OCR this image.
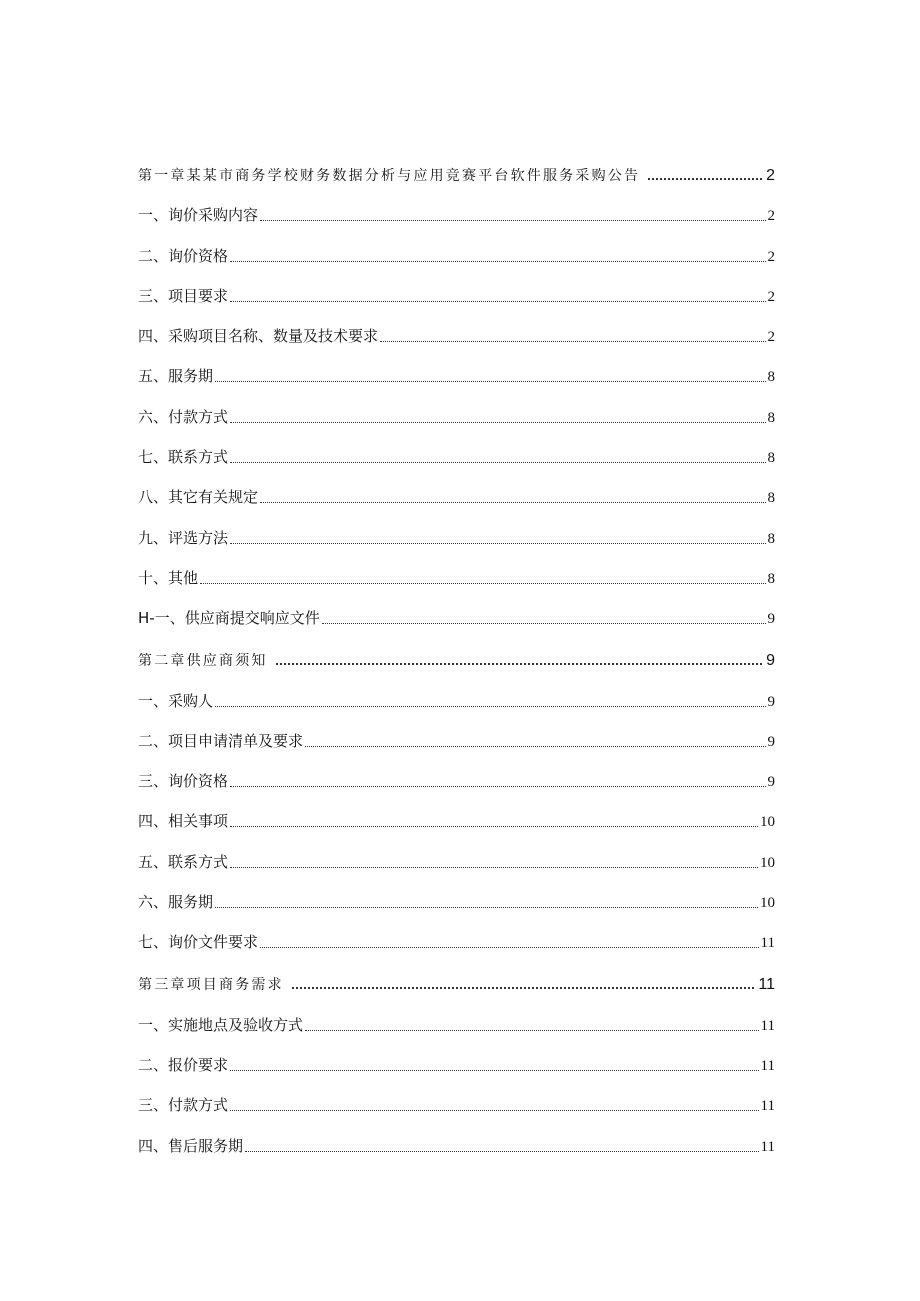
第一章某某市商务学校财务数据分析与应用竞赛平台软件服务采购公告	2
一、询价采购内容	2
二、询价资格	2
三、项目要求	2
四、采购项目名称、数量及技术要求	2
五、服务期	8
六、付款方式	8
七、联系方式	8
八、其它有关规定	8
九、评选方法	8
十、其他	8
H-一、供应商提交响应文件	9
第二章供应商须知	9
一、采购人	9
二、项目申请清单及要求	9
三、询价资格	9
四、相关事项	10
五、联系方式	10
六、服务期	10
七、询价文件要求	11
第三章项目商务需求	11
一、实施地点及验收方式	11
二、报价要求	11
三、付款方式	11
四、售后服务期	11
